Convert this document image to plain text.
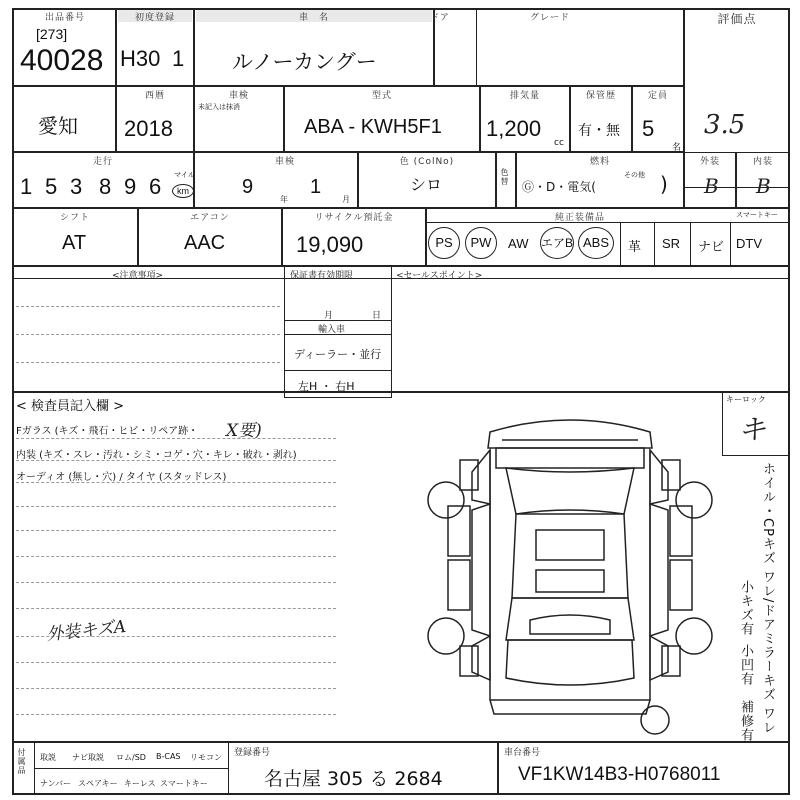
出品番号
[273]
40028
初度登録
H30 1
車　名
ルノーカングー
ドア	グレード	評価点
3.5
愛知
西暦
2018
車検
未記入は抹消
型式
ABA - KWH5F1
排気量
1,200
cc
保管歴
有・無
定員
5
名
走行
1 5 3 8 9 6 マイル
km
車検
9
年
1
月
色 (ColNo)
シロ	色替
燃料
Ⓖ・D・電気(
その他 )
外装
B
内装
B
シフト
AT
エアコン
AAC
リサイクル預託金
19,090
純正装備品	スマートキー
PS	PW	AW エアB ABS	革 SR ナビ DTV
<注意事項>	保証書有効期限
月	日
輸入車
ディーラー・並行
左H ・ 右H
<セールスポイント>
< 検査員記入欄 >
Fガラス (キズ・飛石・ヒビ・リペア跡・ X要)
内装 (キズ・スレ・汚れ・シミ・コゲ・穴・キレ・破れ・剥れ)
オーディオ (無し・穴) / タイヤ (スタッドレス)
外装キズA
キーロック
キ
ホイル・CPキズ ワレ/ドアミラーキズ ワレ
小キズ有
小凹有
補修有
付属品 取説 ナビ取説 ロム/SD B-CAS リモコン
ナンバー スペアキー キーレス スマートキー
登録番号
名古屋 305 る 2684
車台番号
VF1KW14B3-H0768011
